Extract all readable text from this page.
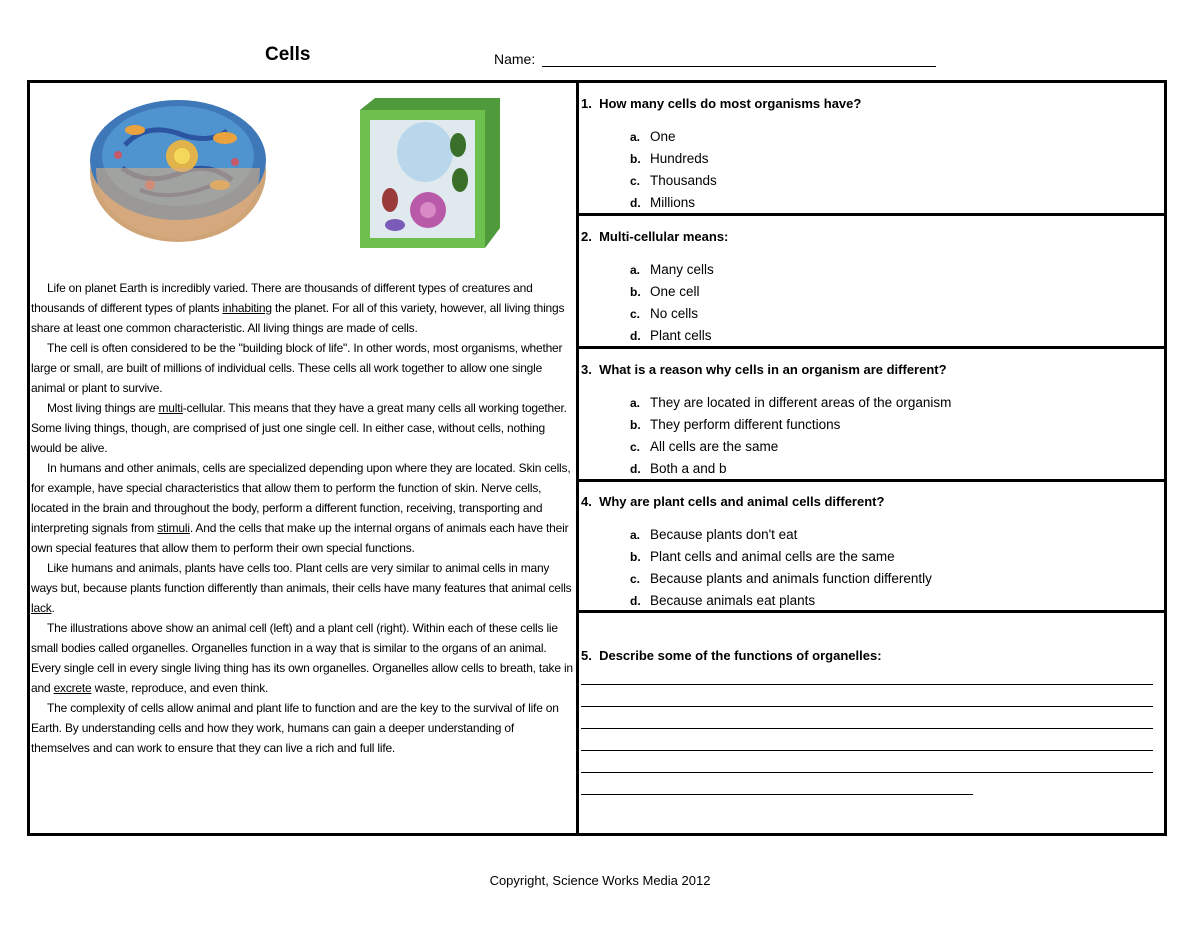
Cells	Name:

Life on planet Earth is incredibly varied. There are thousands of different types of creatures and thousands of different types of plants inhabiting the planet. For all of this variety, however, all living things share at least one common characteristic. All living things are made of cells.

The cell is often considered to be the "building block of life". In other words, most organisms, whether large or small, are built of millions of individual cells. These cells all work together to allow one single animal or plant to survive.

Most living things are multi-cellular. This means that they have a great many cells all working together. Some living things, though, are comprised of just one single cell. In either case, without cells, nothing would be alive.

In humans and other animals, cells are specialized depending upon where they are located. Skin cells, for example, have special characteristics that allow them to perform the function of skin. Nerve cells, located in the brain and throughout the body, perform a different function, receiving, transporting and interpreting signals from stimuli. And the cells that make up the internal organs of animals each have their own special features that allow them to perform their own special functions.

Like humans and animals, plants have cells too. Plant cells are very similar to animal cells in many ways but, because plants function differently than animals, their cells have many features that animal cells lack.

The illustrations above show an animal cell (left) and a plant cell (right). Within each of these cells lie small bodies called organelles. Organelles function in a way that is similar to the organs of an animal. Every single cell in every single living thing has its own organelles. Organelles allow cells to breath, take in and excrete waste, reproduce, and even think.

The complexity of cells allow animal and plant life to function and are the key to the survival of life on Earth. By understanding cells and how they work, humans can gain a deeper understanding of themselves and can work to ensure that they can live a rich and full life.

1. How many cells do most organisms have?
a. One
b. Hundreds
c. Thousands
d. Millions
2. Multi-cellular means:
a. Many cells
b. One cell
c. No cells
d. Plant cells
3. What is a reason why cells in an organism are different?
a. They are located in different areas of the organism
b. They perform different functions
c. All cells are the same
d. Both a and b
4. Why are plant cells and animal cells different?
a. Because plants don't eat
b. Plant cells and animal cells are the same
c. Because plants and animals function differently
d. Because animals eat plants
5. Describe some of the functions of organelles:
Copyright, Science Works Media 2012
